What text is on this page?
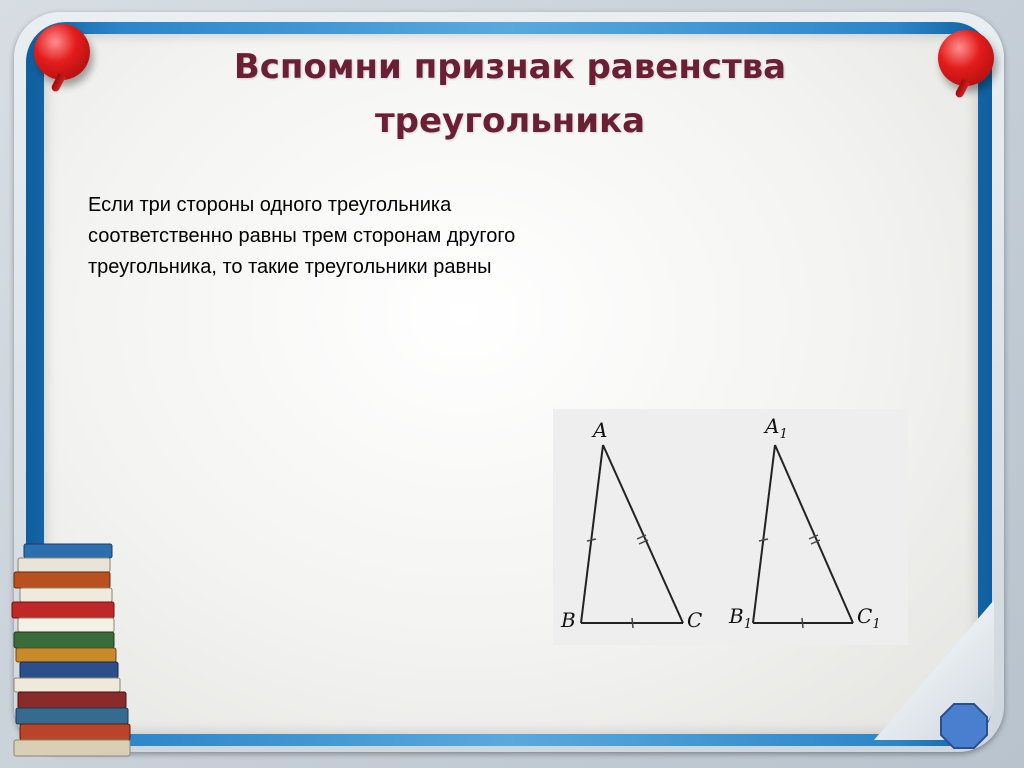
Вспомни признак равенства треугольника
Если три стороны одного треугольника соответственно равны трем сторонам другого треугольника, то такие треугольники равны
A
B	C
$A_1$
$B_1$	$C_1$
